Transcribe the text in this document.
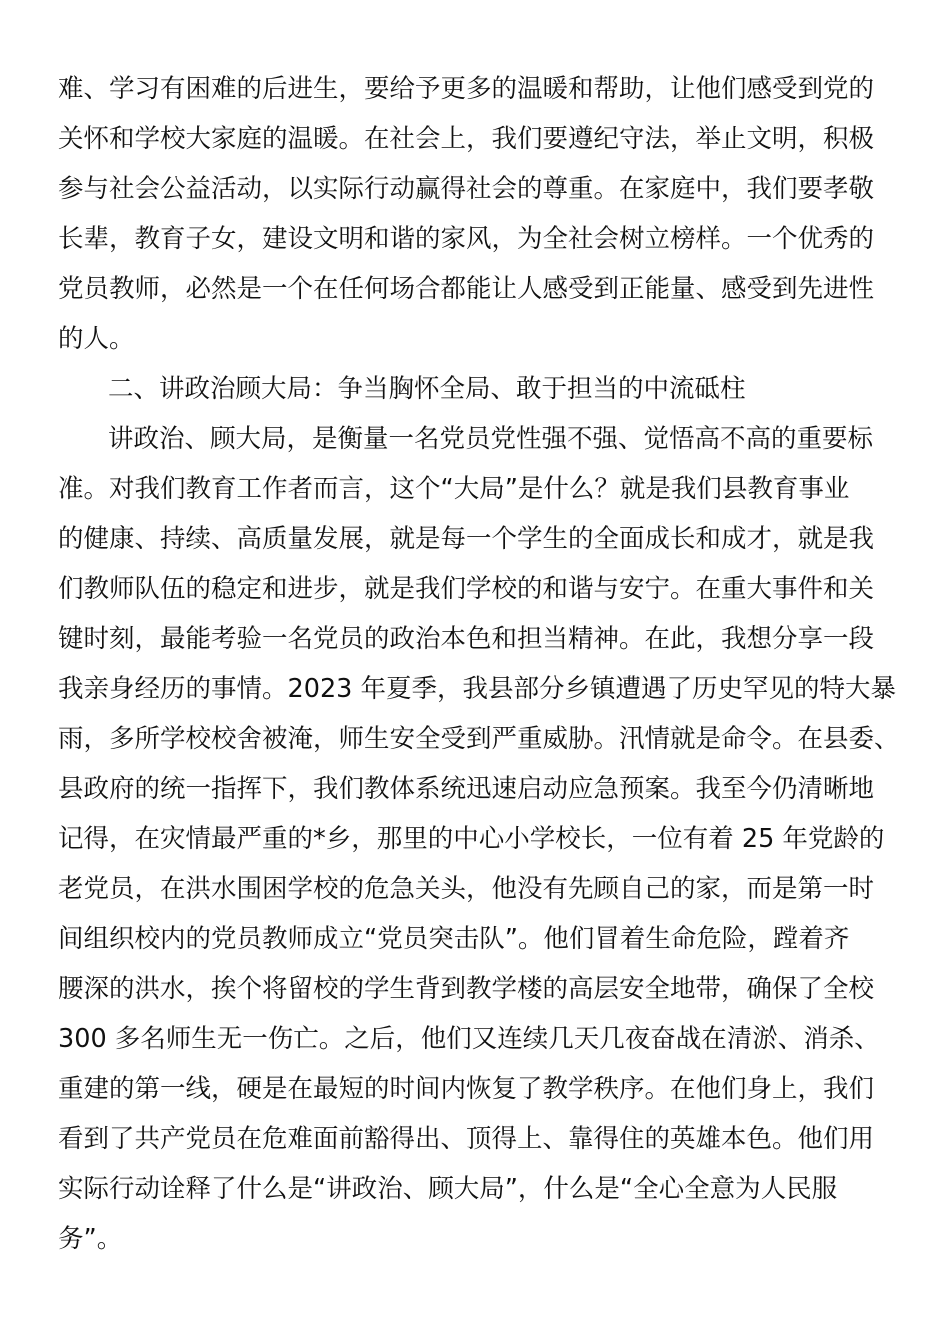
难、学习有困难的后进生，要给予更多的温暖和帮助，让他们感受到党的
关怀和学校大家庭的温暖。在社会上，我们要遵纪守法，举止文明，积极
参与社会公益活动，以实际行动赢得社会的尊重。在家庭中，我们要孝敬
长辈，教育子女，建设文明和谐的家风，为全社会树立榜样。一个优秀的
党员教师，必然是一个在任何场合都能让人感受到正能量、感受到先进性
的人。
二、讲政治顾大局：争当胸怀全局、敢于担当的中流砥柱
讲政治、顾大局，是衡量一名党员党性强不强、觉悟高不高的重要标
准。对我们教育工作者而言，这个“大局”是什么？就是我们县教育事业
的健康、持续、高质量发展，就是每一个学生的全面成长和成才，就是我
们教师队伍的稳定和进步，就是我们学校的和谐与安宁。在重大事件和关
键时刻，最能考验一名党员的政治本色和担当精神。在此，我想分享一段
我亲身经历的事情。2023 年夏季，我县部分乡镇遭遇了历史罕见的特大暴
雨，多所学校校舍被淹，师生安全受到严重威胁。汛情就是命令。在县委、
县政府的统一指挥下，我们教体系统迅速启动应急预案。我至今仍清晰地
记得，在灾情最严重的*乡，那里的中心小学校长，一位有着 25 年党龄的
老党员，在洪水围困学校的危急关头，他没有先顾自己的家，而是第一时
间组织校内的党员教师成立“党员突击队”。他们冒着生命危险，蹚着齐
腰深的洪水，挨个将留校的学生背到教学楼的高层安全地带，确保了全校
300 多名师生无一伤亡。之后，他们又连续几天几夜奋战在清淤、消杀、
重建的第一线，硬是在最短的时间内恢复了教学秩序。在他们身上，我们
看到了共产党员在危难面前豁得出、顶得上、靠得住的英雄本色。他们用
实际行动诠释了什么是“讲政治、顾大局”，什么是“全心全意为人民服
务”。
